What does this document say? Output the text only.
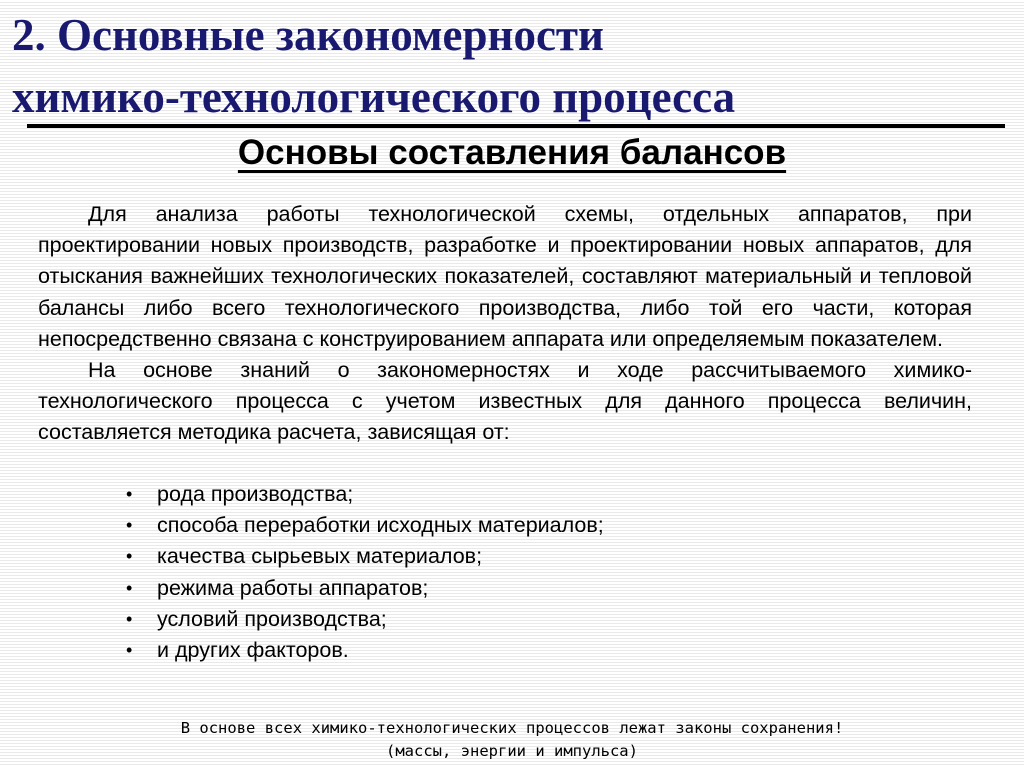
2. Основные закономерности
химико-технологического процесса
Основы составления балансов

Для анализа работы технологической схемы, отдельных аппаратов, при проектировании новых производств, разработке и проектировании новых аппаратов, для отыскания важнейших технологических показателей, составляют материальный и тепловой балансы либо всего технологического производства, либо той его части, которая непосредственно связана с конструированием аппарата или определяемым показателем.

На основе знаний о закономерностях и ходе рассчитываемого химико-технологического процесса с учетом известных для данного процесса величин, составляется методика расчета, зависящая от:

• рода производства;
• способа переработки исходных материалов;
• качества сырьевых материалов;
• режима работы аппаратов;
• условий производства;
• и других факторов.
В основе всех химико-технологических процессов лежат законы сохранения!
(массы, энергии и импульса)
